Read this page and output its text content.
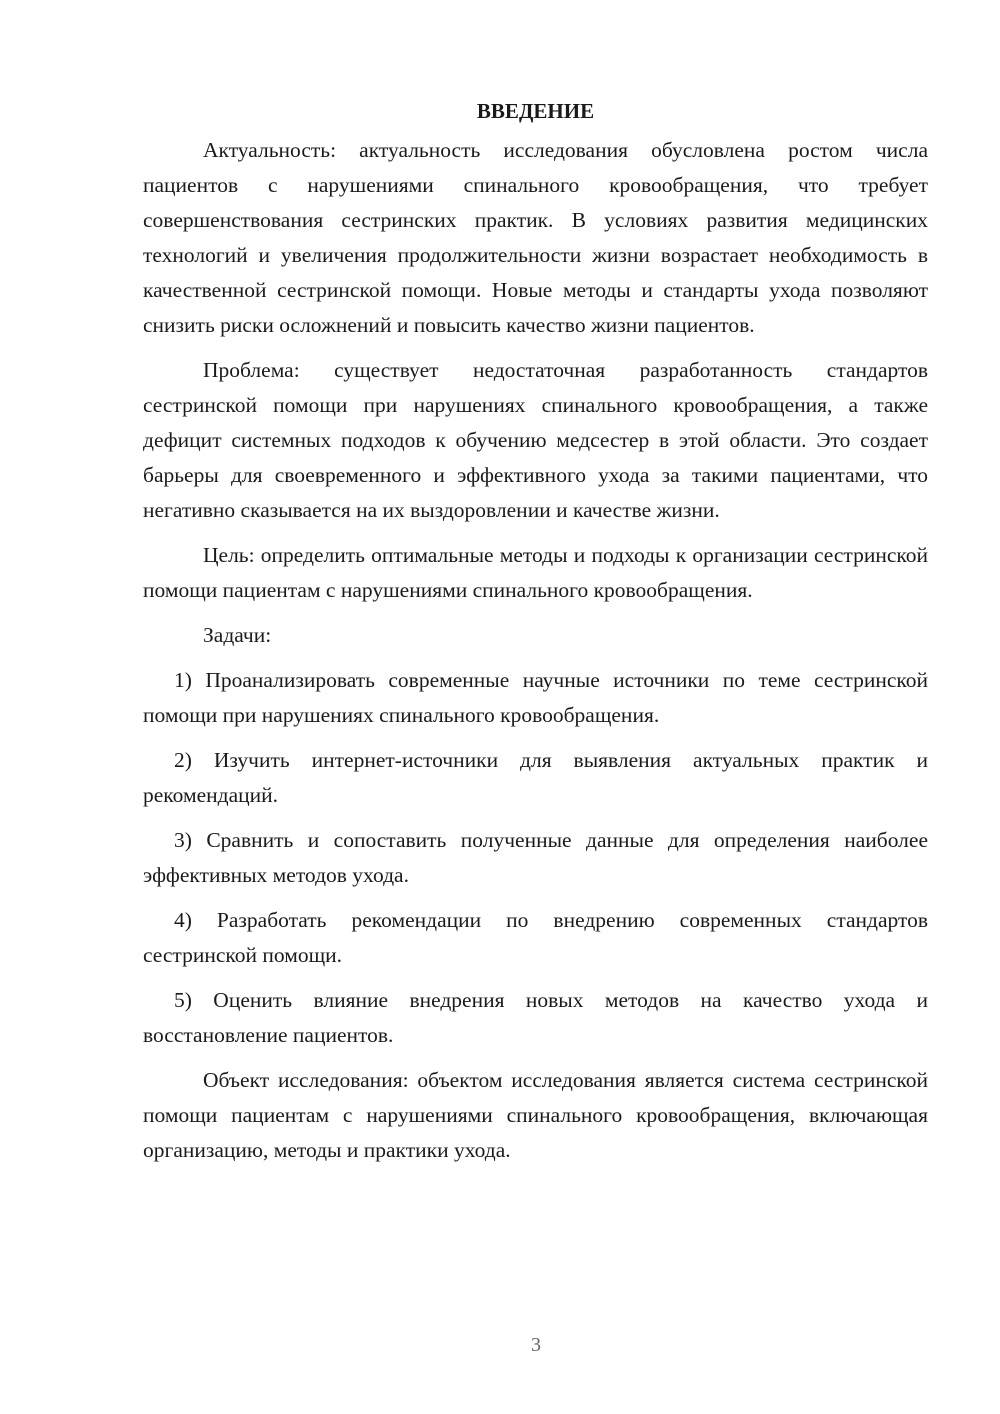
ВВЕДЕНИЕ

Актуальность: актуальность исследования обусловлена ростом числа пациентов с нарушениями спинального кровообращения, что требует совершенствования сестринских практик. В условиях развития медицинских технологий и увеличения продолжительности жизни возрастает необходимость в качественной сестринской помощи. Новые методы и стандарты ухода позволяют снизить риски осложнений и повысить качество жизни пациентов.

Проблема: существует недостаточная разработанность стандартов сестринской помощи при нарушениях спинального кровообращения, а также дефицит системных подходов к обучению медсестер в этой области. Это создает барьеры для своевременного и эффективного ухода за такими пациентами, что негативно сказывается на их выздоровлении и качестве жизни.

Цель: определить оптимальные методы и подходы к организации сестринской помощи пациентам с нарушениями спинального кровообращения.

Задачи:

1) Проанализировать современные научные источники по теме сестринской помощи при нарушениях спинального кровообращения.

2) Изучить интернет-источники для выявления актуальных практик и рекомендаций.

3) Сравнить и сопоставить полученные данные для определения наиболее эффективных методов ухода.

4) Разработать рекомендации по внедрению современных стандартов сестринской помощи.

5) Оценить влияние внедрения новых методов на качество ухода и восстановление пациентов.

Объект исследования: объектом исследования является система сестринской помощи пациентам с нарушениями спинального кровообращения, включающая организацию, методы и практики ухода.

3
